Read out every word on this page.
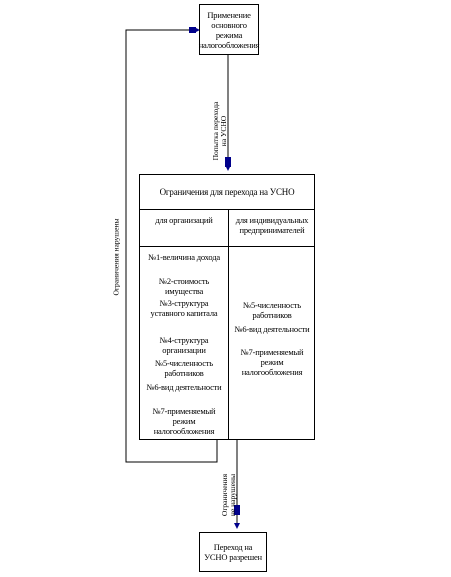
Применение основного режима налогообложения
Попытка перехода на УСНО
Ограничения для перехода на УСНО
для организаций	для индивидуальных предпринимателей
№1-величина дохода
№2-стоимость имущества
№3-структура уставного капитала
№4-структура организации
№5-численность работников
№6-вид деятельности
№7-применяемый режим налогообложения
№5-численность работников
№6-вид деятельности
№7-применяемый режим налогообложения
Ограничения нарушены
Ограничения не нарушены
Переход на УСНО разрешен
